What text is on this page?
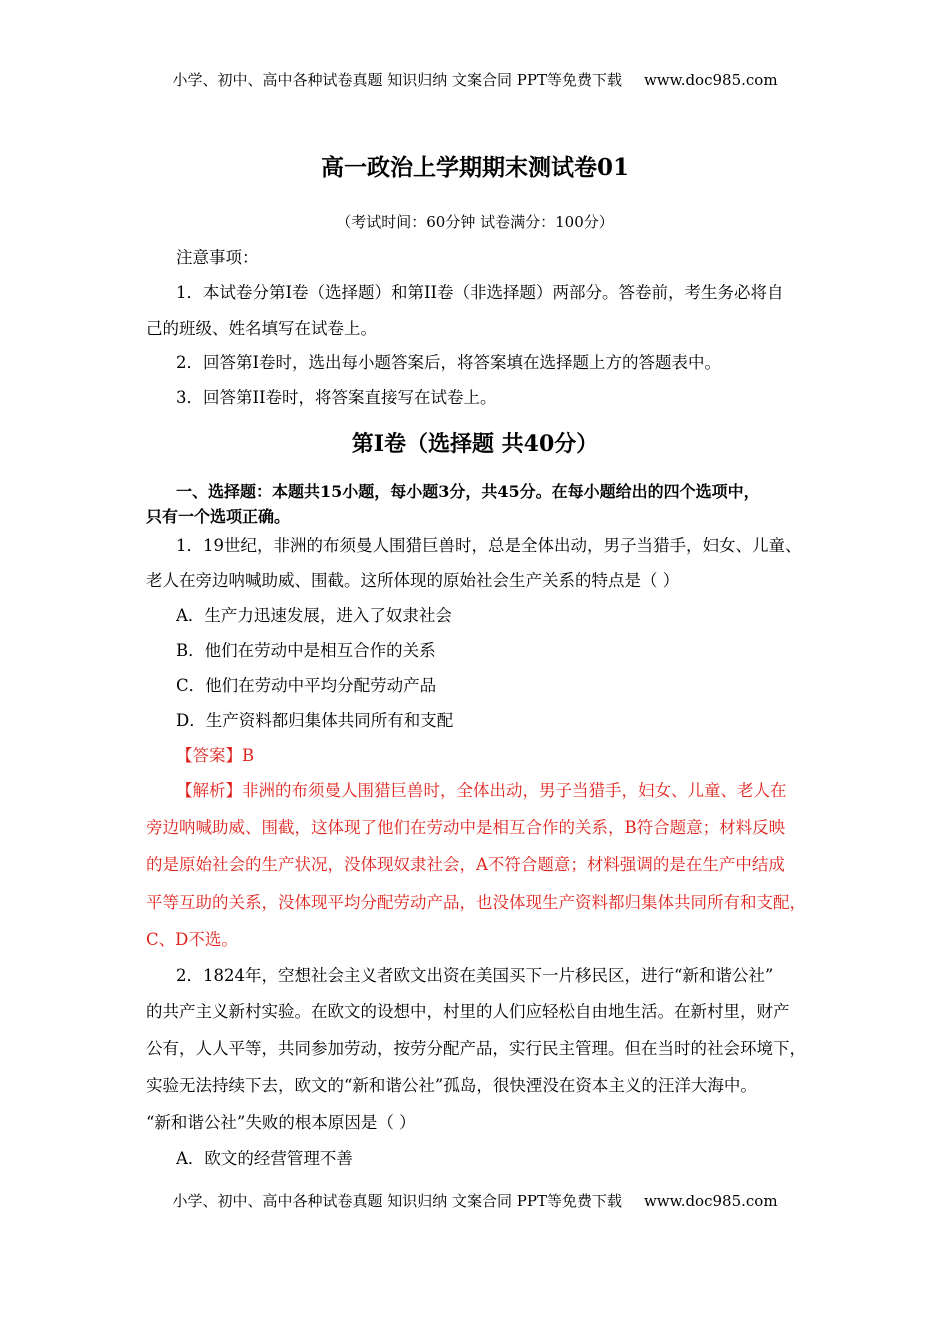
小学、初中、高中各种试卷真题 知识归纳 文案合同 PPT等免费下载 www.doc985.com
高一政治上学期期末测试卷01
（考试时间：60分钟 试卷满分：100分）
注意事项：
1．本试卷分第I卷（选择题）和第II卷（非选择题）两部分。答卷前，考生务必将自
己的班级、姓名填写在试卷上。
2．回答第I卷时，选出每小题答案后，将答案填在选择题上方的答题表中。
3．回答第II卷时，将答案直接写在试卷上。
第Ⅰ卷（选择题 共40分）
一、选择题：本题共15小题，每小题3分，共45分。在每小题给出的四个选项中，
只有一个选项正确。
1．19世纪，非洲的布须曼人围猎巨兽时，总是全体出动，男子当猎手，妇女、儿童、
老人在旁边呐喊助威、围截。这所体现的原始社会生产关系的特点是（ ）
A．生产力迅速发展，进入了奴隶社会
B．他们在劳动中是相互合作的关系
C．他们在劳动中平均分配劳动产品
D．生产资料都归集体共同所有和支配
【答案】B
【解析】非洲的布须曼人围猎巨兽时，全体出动，男子当猎手，妇女、儿童、老人在
旁边呐喊助威、围截，这体现了他们在劳动中是相互合作的关系，B符合题意；材料反映
的是原始社会的生产状况，没体现奴隶社会，A不符合题意；材料强调的是在生产中结成
平等互助的关系，没体现平均分配劳动产品，也没体现生产资料都归集体共同所有和支配，
C、D不选。
2．1824年，空想社会主义者欧文出资在美国买下一片移民区，进行“新和谐公社”
的共产主义新村实验。在欧文的设想中，村里的人们应轻松自由地生活。在新村里，财产
公有，人人平等，共同参加劳动，按劳分配产品，实行民主管理。但在当时的社会环境下，
实验无法持续下去，欧文的“新和谐公社”孤岛，很快湮没在资本主义的汪洋大海中。
“新和谐公社”失败的根本原因是（ ）
A．欧文的经营管理不善
小学、初中、高中各种试卷真题 知识归纳 文案合同 PPT等免费下载 www.doc985.com
